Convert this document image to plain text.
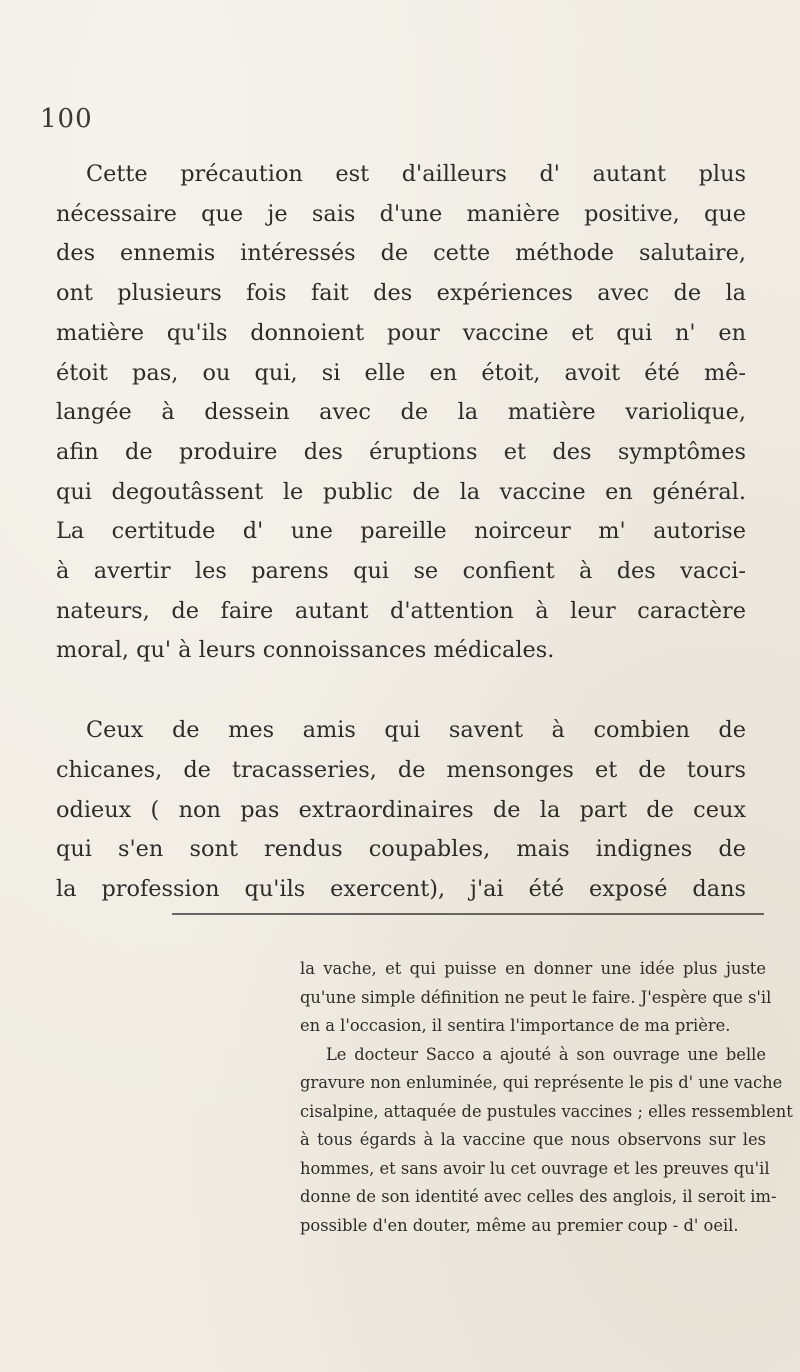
100
Cette précaution est d'ailleurs d' autant plus
nécessaire que je sais d'une manière positive, que
des ennemis intéressés de cette méthode salutaire,
ont plusieurs fois fait des expériences avec de la
matière qu'ils donnoient pour vaccine et qui n' en
étoit pas, ou qui, si elle en étoit, avoit été mê-
langée à dessein avec de la matière variolique,
afin de produire des éruptions et des symptômes
qui degoutâssent le public de la vaccine en général.
La certitude d' une pareille noirceur m' autorise
à avertir les parens qui se confient à des vacci-
nateurs, de faire autant d'attention à leur caractère
moral, qu' à leurs connoissances médicales.
Ceux de mes amis qui savent à combien de
chicanes, de tracasseries, de mensonges et de tours
odieux ( non pas extraordinaires de la part de ceux
qui s'en sont rendus coupables, mais indignes de
la profession qu'ils exercent), j'ai été exposé dans
la vache, et qui puisse en donner une idée plus juste
qu'une simple définition ne peut le faire. J'espère que s'il
en a l'occasion, il sentira l'importance de ma prière.
Le docteur Sacco a ajouté à son ouvrage une belle
gravure non enluminée, qui représente le pis d' une vache
cisalpine, attaquée de pustules vaccines ; elles ressemblent
à tous égards à la vaccine que nous observons sur les
hommes, et sans avoir lu cet ouvrage et les preuves qu'il
donne de son identité avec celles des anglois, il seroit im-
possible d'en douter, même au premier coup - d' oeil.
